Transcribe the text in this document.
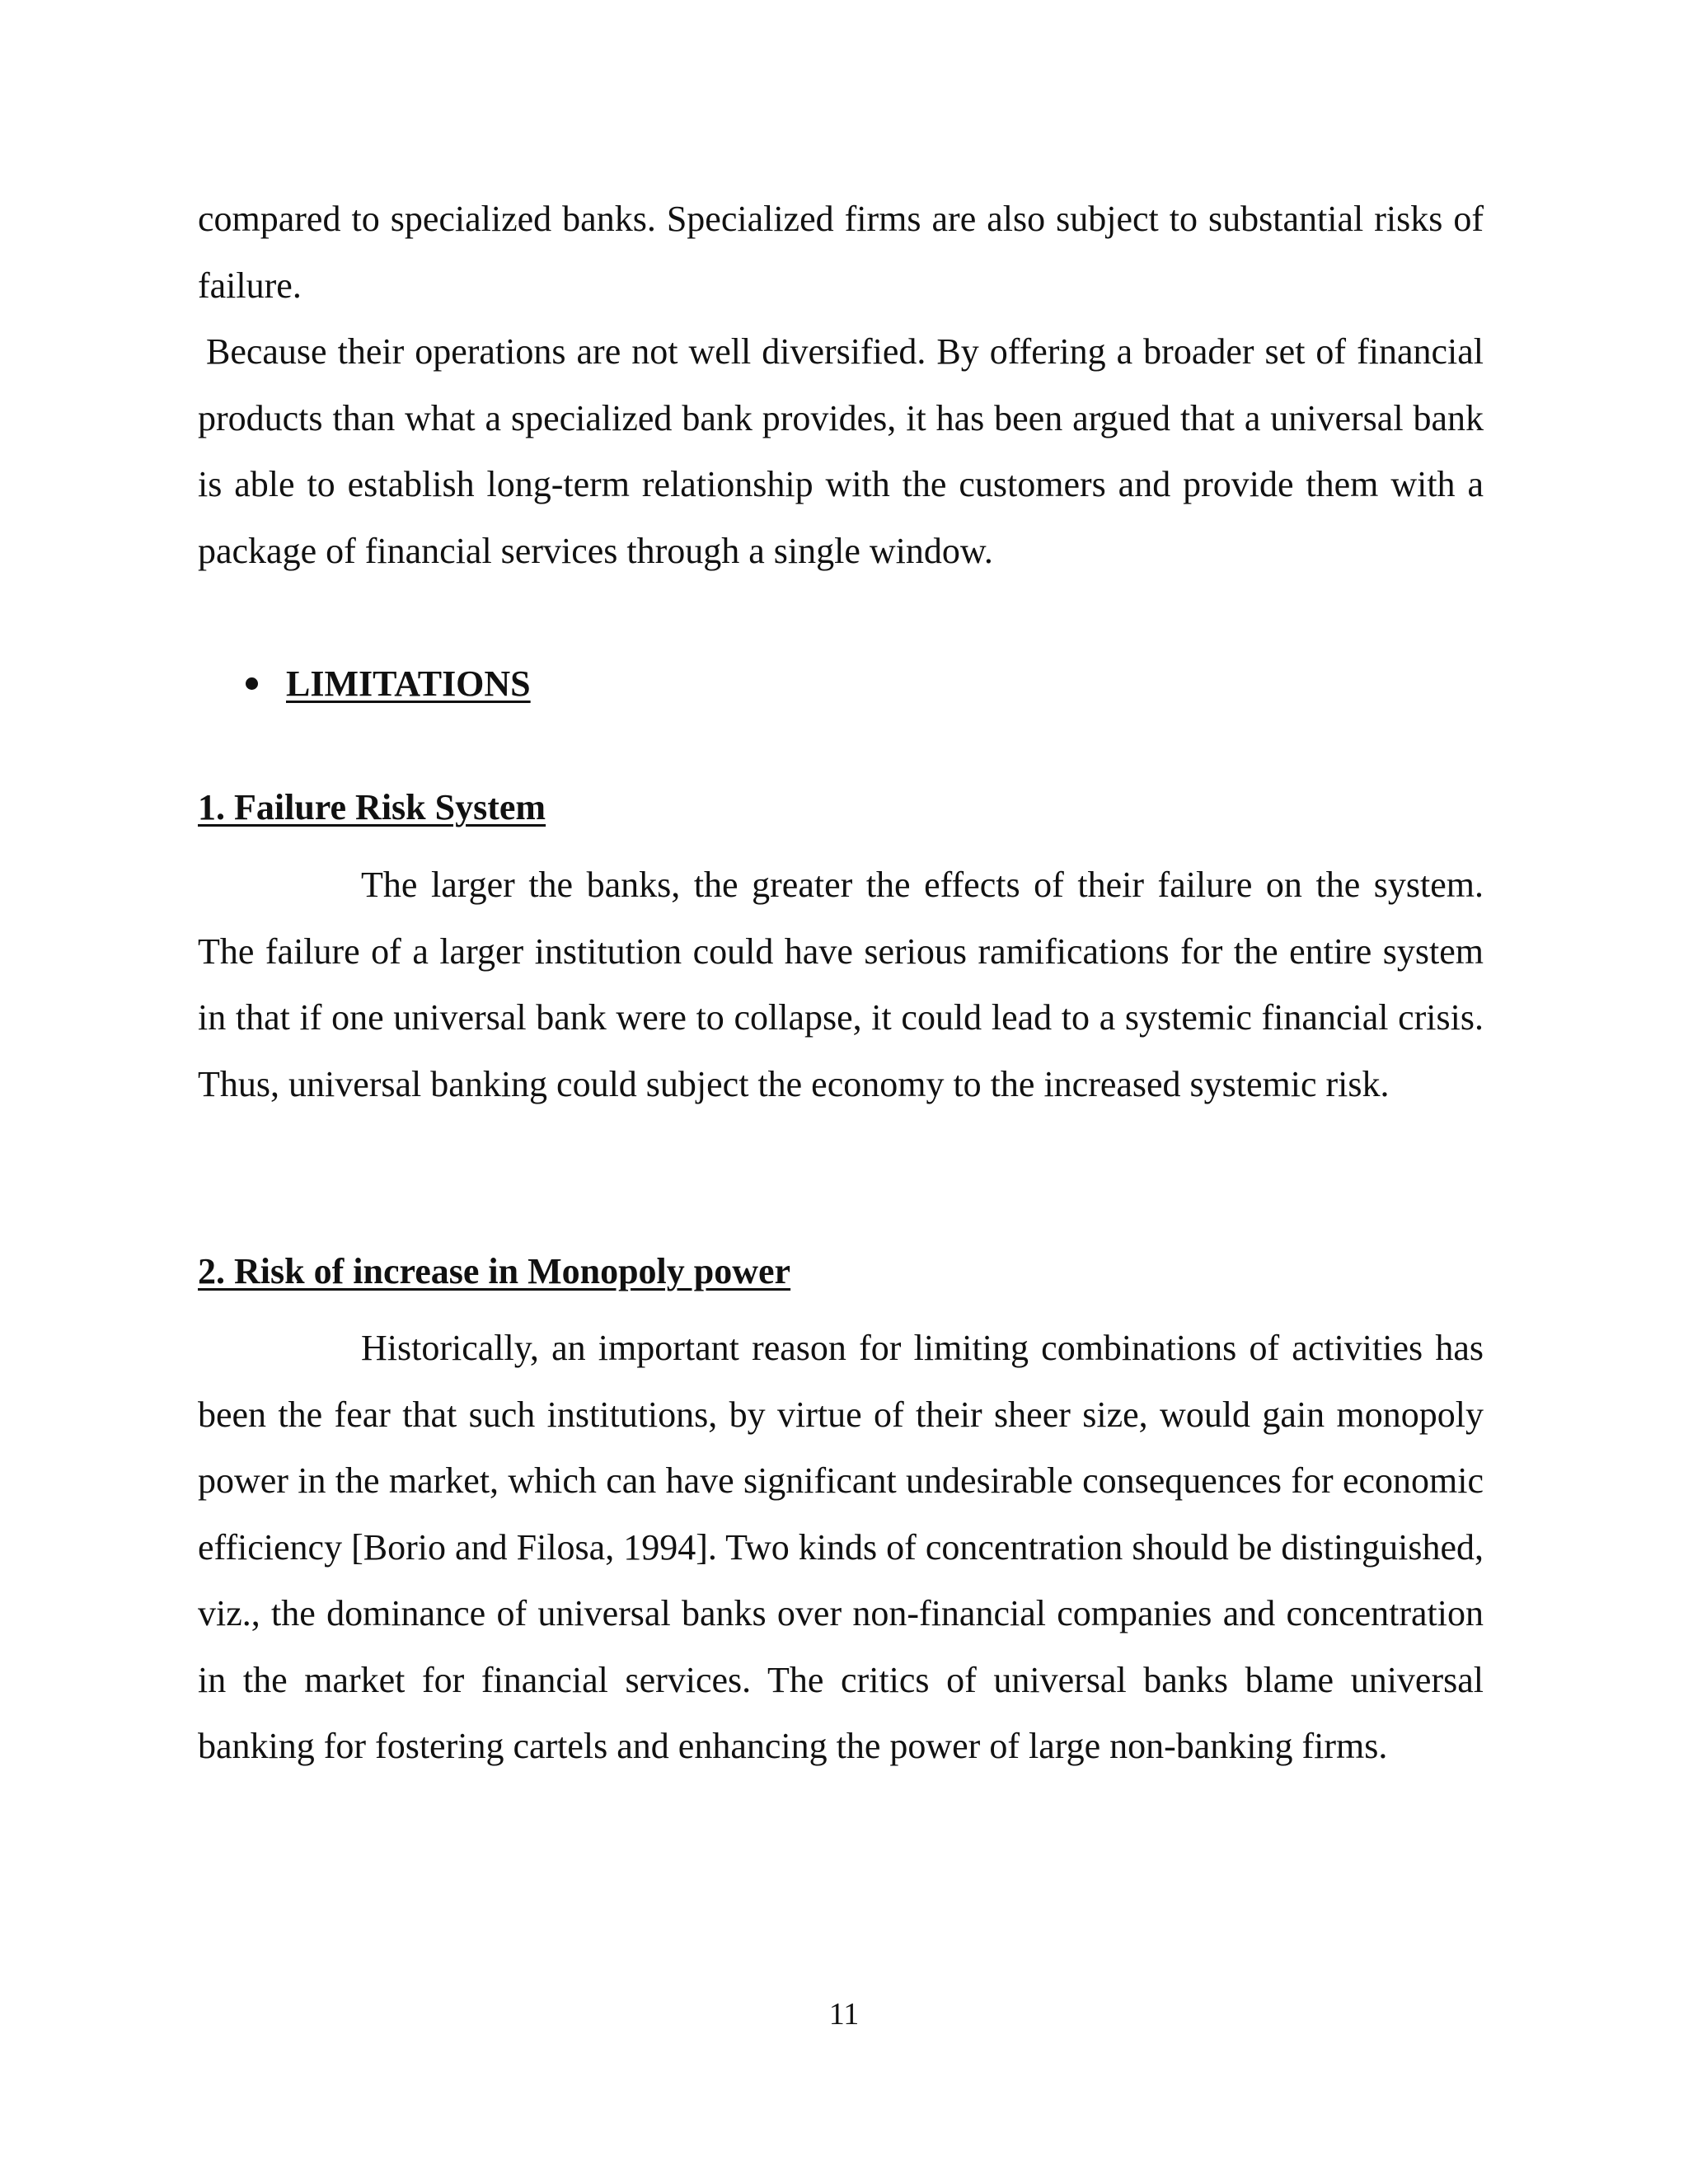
compared to specialized banks. Specialized firms are also subject to substantial risks of failure.

Because their operations are not well diversified. By offering a broader set of financial products than what a specialized bank provides, it has been argued that a universal bank is able to establish long-term relationship with the customers and provide them with a package of financial services through a single window.

LIMITATIONS

1. Failure Risk System

The larger the banks, the greater the effects of their failure on the system. The failure of a larger institution could have serious ramifications for the entire system in that if one universal bank were to collapse, it could lead to a systemic financial crisis. Thus, universal banking could subject the economy to the increased systemic risk.

2. Risk of increase in Monopoly power

Historically, an important reason for limiting combinations of activities has been the fear that such institutions, by virtue of their sheer size, would gain monopoly power in the market, which can have significant undesirable consequences for economic efficiency [Borio and Filosa, 1994]. Two kinds of concentration should be distinguished, viz., the dominance of universal banks over non-financial companies and concentration in the market for financial services. The critics of universal banks blame universal banking for fostering cartels and enhancing the power of large non-banking firms.

11
